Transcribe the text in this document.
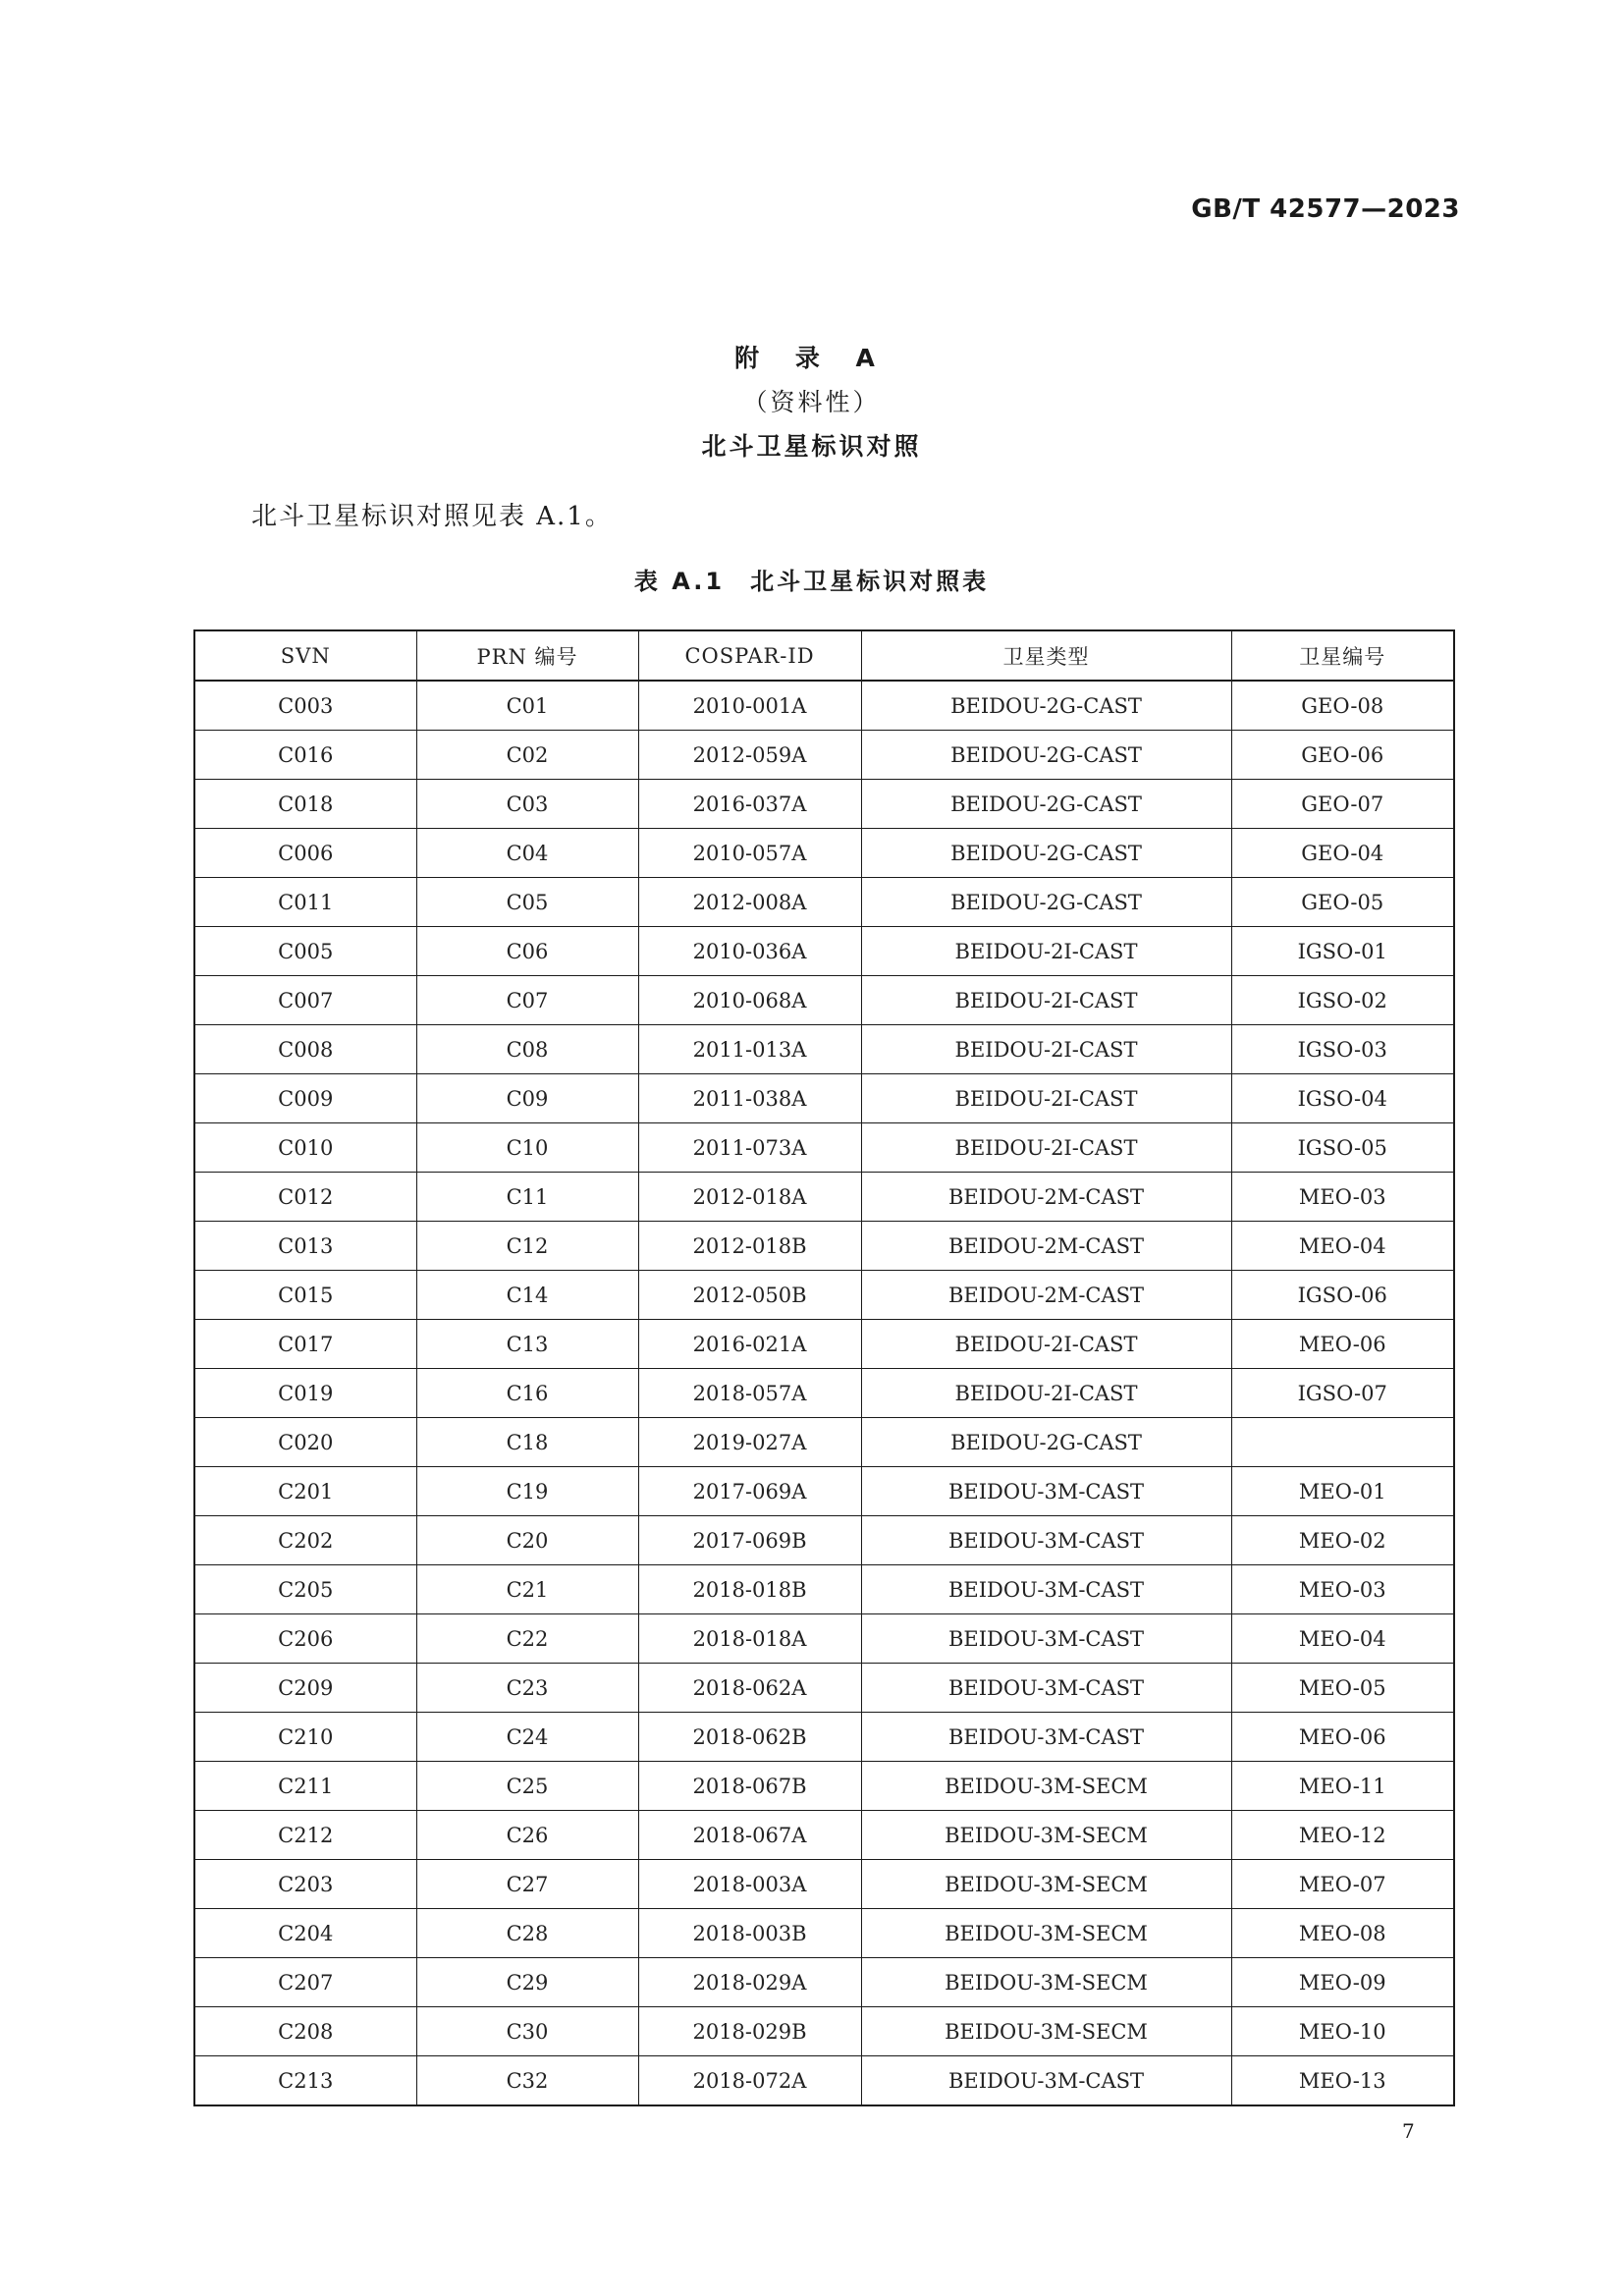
GB/T 42577—2023
附 录 A
（资料性）
北斗卫星标识对照
北斗卫星标识对照见表 A.1。
表 A.1 北斗卫星标识对照表
SVN	PRN 编号	COSPAR-ID	卫星类型	卫星编号
C003	C01	2010-001A	BEIDOU-2G-CAST	GEO-08
C016	C02	2012-059A	BEIDOU-2G-CAST	GEO-06
C018	C03	2016-037A	BEIDOU-2G-CAST	GEO-07
C006	C04	2010-057A	BEIDOU-2G-CAST	GEO-04
C011	C05	2012-008A	BEIDOU-2G-CAST	GEO-05
C005	C06	2010-036A	BEIDOU-2I-CAST	IGSO-01
C007	C07	2010-068A	BEIDOU-2I-CAST	IGSO-02
C008	C08	2011-013A	BEIDOU-2I-CAST	IGSO-03
C009	C09	2011-038A	BEIDOU-2I-CAST	IGSO-04
C010	C10	2011-073A	BEIDOU-2I-CAST	IGSO-05
C012	C11	2012-018A	BEIDOU-2M-CAST	MEO-03
C013	C12	2012-018B	BEIDOU-2M-CAST	MEO-04
C015	C14	2012-050B	BEIDOU-2M-CAST	IGSO-06
C017	C13	2016-021A	BEIDOU-2I-CAST	MEO-06
C019	C16	2018-057A	BEIDOU-2I-CAST	IGSO-07
C020	C18	2019-027A	BEIDOU-2G-CAST	
C201	C19	2017-069A	BEIDOU-3M-CAST	MEO-01
C202	C20	2017-069B	BEIDOU-3M-CAST	MEO-02
C205	C21	2018-018B	BEIDOU-3M-CAST	MEO-03
C206	C22	2018-018A	BEIDOU-3M-CAST	MEO-04
C209	C23	2018-062A	BEIDOU-3M-CAST	MEO-05
C210	C24	2018-062B	BEIDOU-3M-CAST	MEO-06
C211	C25	2018-067B	BEIDOU-3M-SECM	MEO-11
C212	C26	2018-067A	BEIDOU-3M-SECM	MEO-12
C203	C27	2018-003A	BEIDOU-3M-SECM	MEO-07
C204	C28	2018-003B	BEIDOU-3M-SECM	MEO-08
C207	C29	2018-029A	BEIDOU-3M-SECM	MEO-09
C208	C30	2018-029B	BEIDOU-3M-SECM	MEO-10
C213	C32	2018-072A	BEIDOU-3M-CAST	MEO-13
7
